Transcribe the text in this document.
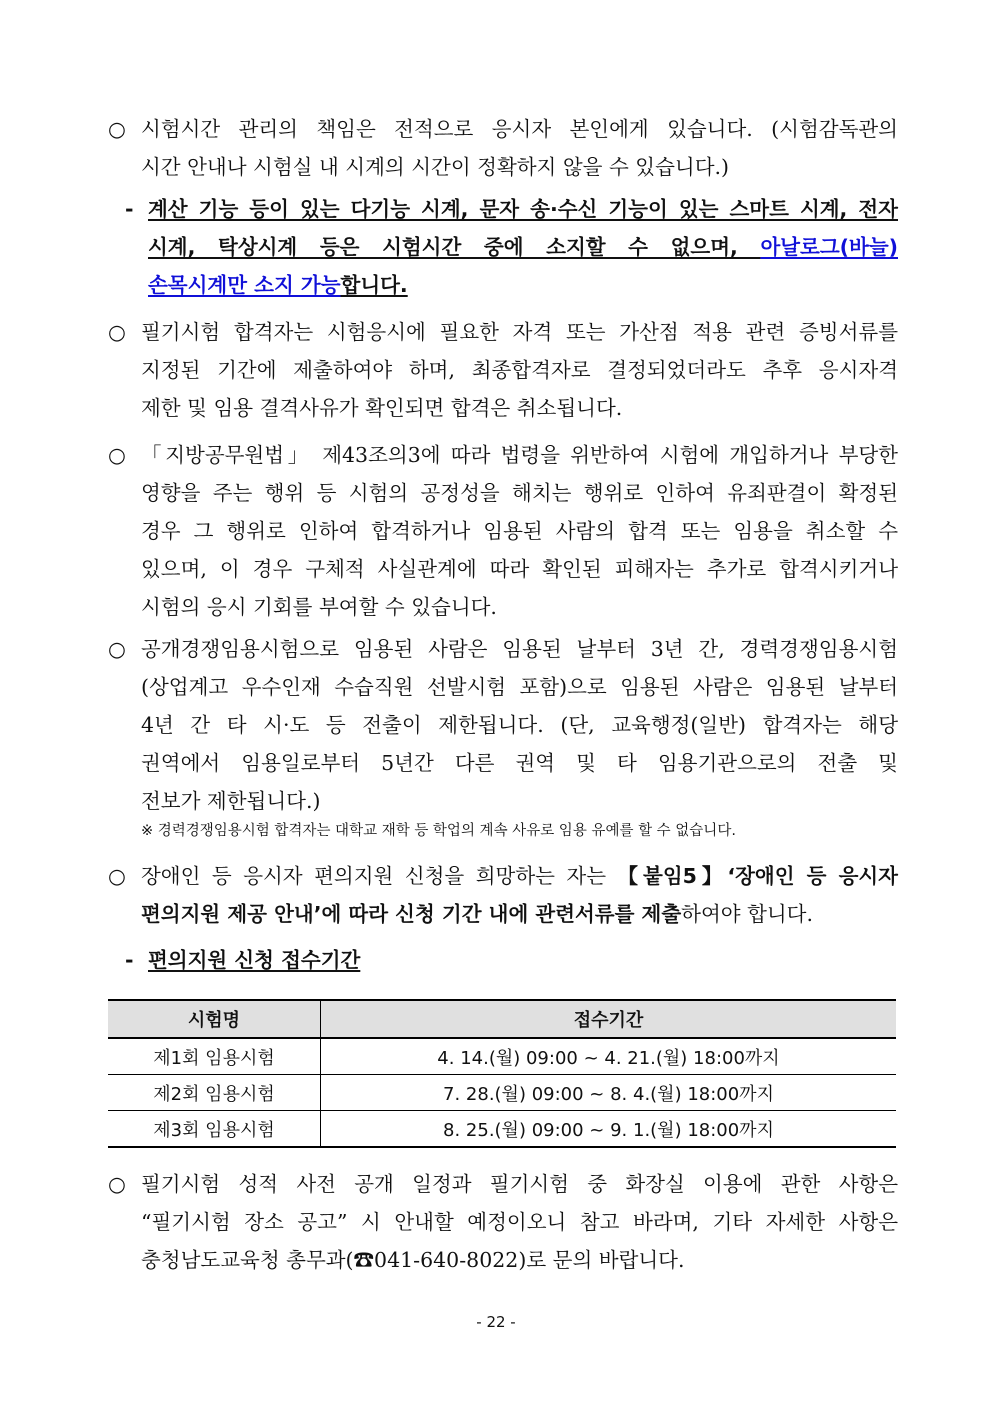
○ 시험시간 관리의 책임은 전적으로 응시자 본인에게 있습니다. (시험감독관의

시간 안내나 시험실 내 시계의 시간이 정확하지 않을 수 있습니다.)
- 계산 기능 등이 있는 다기능 시계, 문자 송·수신 기능이 있는 스마트 시계, 전자
시계, 탁상시계 등은 시험시간 중에 소지할 수 없으며, 아날로그(바늘)

손목시계만 소지 가능합니다.
○ 필기시험 합격자는 시험응시에 필요한 자격 또는 가산점 적용 관련 증빙서류를
지정된 기간에 제출하여야 하며, 최종합격자로 결정되었더라도 추후 응시자격

제한 및 임용 결격사유가 확인되면 합격은 취소됩니다.
○ 「지방공무원법」 제43조의3에 따라 법령을 위반하여 시험에 개입하거나 부당한
영향을 주는 행위 등 시험의 공정성을 해치는 행위로 인하여 유죄판결이 확정된
경우 그 행위로 인하여 합격하거나 임용된 사람의 합격 또는 임용을 취소할 수
있으며, 이 경우 구체적 사실관계에 따라 확인된 피해자는 추가로 합격시키거나

시험의 응시 기회를 부여할 수 있습니다.
○ 공개경쟁임용시험으로 임용된 사람은 임용된 날부터 3년 간, 경력경쟁임용시험
(상업계고 우수인재 수습직원 선발시험 포함)으로 임용된 사람은 임용된 날부터
4년 간 타 시·도 등 전출이 제한됩니다. (단, 교육행정(일반) 합격자는 해당
권역에서 임용일로부터 5년간 다른 권역 및 타 임용기관으로의 전출 및

전보가 제한됩니다.)
※ 경력경쟁임용시험 합격자는 대학교 재학 등 학업의 계속 사유로 임용 유예를 할 수 없습니다.
○ 장애인 등 응시자 편의지원 신청을 희망하는 자는 【붙임5】‘장애인 등 응시자

편의지원 제공 안내’에 따라 신청 기간 내에 관련서류를 제출하여야 합니다.
- 편의지원 신청 접수기간
시험명	접수기간
제1회 임용시험	4. 14.(월) 09:00 ~ 4. 21.(월) 18:00까지
제2회 임용시험	7. 28.(월) 09:00 ~ 8. 4.(월) 18:00까지
제3회 임용시험	8. 25.(월) 09:00 ~ 9. 1.(월) 18:00까지
○ 필기시험 성적 사전 공개 일정과 필기시험 중 화장실 이용에 관한 사항은
“필기시험 장소 공고” 시 안내할 예정이오니 참고 바라며, 기타 자세한 사항은

충청남도교육청 총무과(☎041-640-8022)로 문의 바랍니다.
- 22 -
